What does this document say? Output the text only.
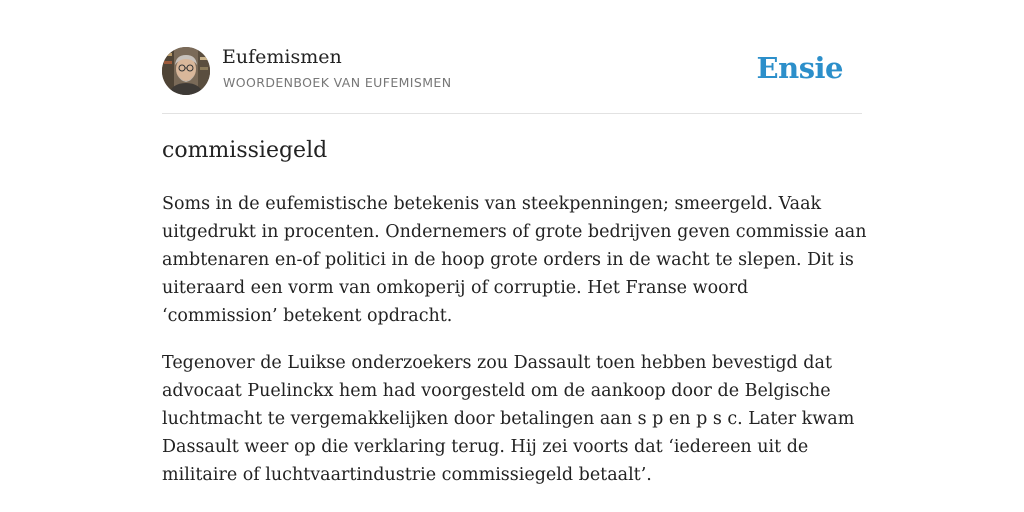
Eufemismen
WOORDENBOEK VAN EUFEMISMEN	Ensie
commissiegeld

Soms in de eufemistische betekenis van steekpenningen; smeergeld. Vaak uitgedrukt in procenten. Ondernemers of grote bedrijven geven commissie aan ambtenaren en-of politici in de hoop grote orders in de wacht te slepen. Dit is uiteraard een vorm van omkoperij of corruptie. Het Franse woord ‘commission’ betekent opdracht.

Tegenover de Luikse onderzoekers zou Dassault toen hebben bevestigd dat advocaat Puelinckx hem had voorgesteld om de aankoop door de Belgische luchtmacht te vergemakkelijken door betalingen aan s p en p s c. Later kwam Dassault weer op die verklaring terug. Hij zei voorts dat ‘iedereen uit de militaire of luchtvaartindustrie commissiegeld betaalt’.
